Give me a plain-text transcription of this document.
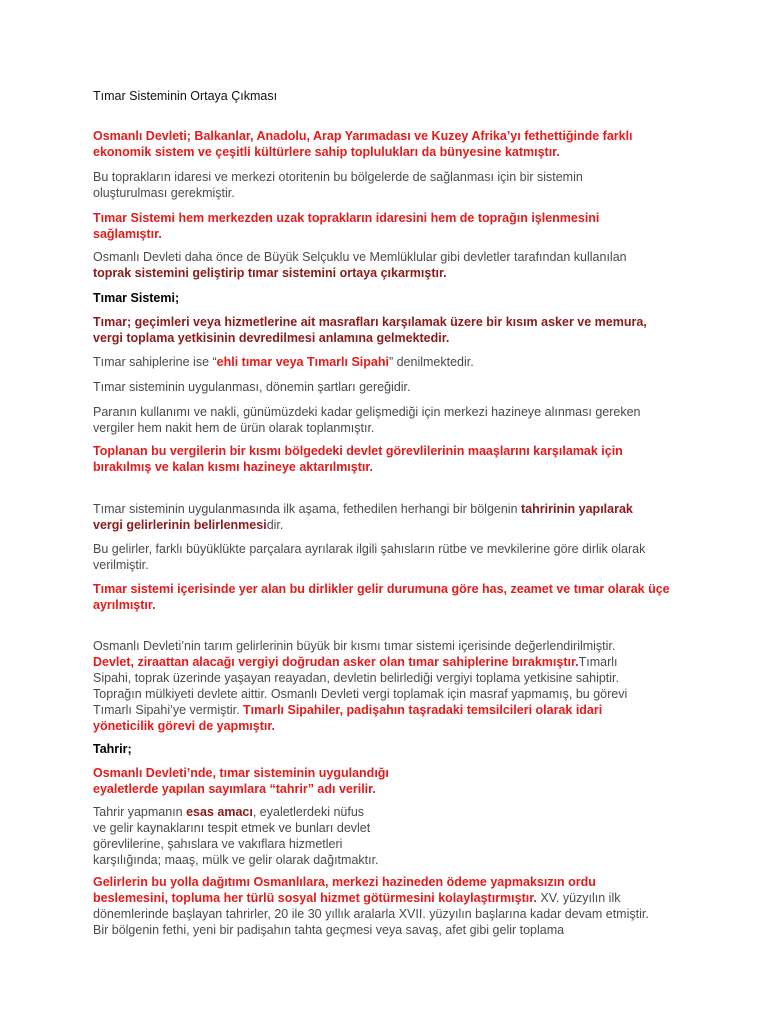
Tımar Sisteminin Ortaya Çıkması

Osmanlı Devleti; Balkanlar, Anadolu, Arap Yarımadası ve Kuzey Afrika’yı fethettiğinde farklı ekonomik sistem ve çeşitli kültürlere sahip toplulukları da bünyesine katmıştır.

Bu toprakların idaresi ve merkezi otoritenin bu bölgelerde de sağlanması için bir sistemin oluşturulması gerekmiştir.

Tımar Sistemi hem merkezden uzak toprakların idaresini hem de toprağın işlenmesini sağlamıştır.

Osmanlı Devleti daha önce de Büyük Selçuklu ve Memlüklular gibi devletler tarafından kullanılan toprak sistemini geliştirip tımar sistemini ortaya çıkarmıştır.

Tımar Sistemi;

Tımar; geçimleri veya hizmetlerine ait masrafları karşılamak üzere bir kısım asker ve memura, vergi toplama yetkisinin devredilmesi anlamına gelmektedir.

Tımar sahiplerine ise “ehli tımar veya Tımarlı Sipahi” denilmektedir.

Tımar sisteminin uygulanması, dönemin şartları gereğidir.

Paranın kullanımı ve nakli, günümüzdeki kadar gelişmediği için merkezi hazineye alınması gereken vergiler hem nakit hem de ürün olarak toplanmıştır.

Toplanan bu vergilerin bir kısmı bölgedeki devlet görevlilerinin maaşlarını karşılamak için bırakılmış ve kalan kısmı hazineye aktarılmıştır.

Tımar sisteminin uygulanmasında ilk aşama, fethedilen herhangi bir bölgenin tahririnin yapılarak vergi gelirlerinin belirlenmesidir.

Bu gelirler, farklı büyüklükte parçalara ayrılarak ilgili şahısların rütbe ve mevkilerine göre dirlik olarak verilmiştir.

Tımar sistemi içerisinde yer alan bu dirlikler gelir durumuna göre has, zeamet ve tımar olarak üçe ayrılmıştır.

Osmanlı Devleti’nin tarım gelirlerinin büyük bir kısmı tımar sistemi içerisinde değerlendirilmiştir. Devlet, ziraattan alacağı vergiyi doğrudan asker olan tımar sahiplerine bırakmıştır.Tımarlı Sipahi, toprak üzerinde yaşayan reayadan, devletin belirlediği vergiyi toplama yetkisine sahiptir. Toprağın mülkiyeti devlete aittir. Osmanlı Devleti vergi toplamak için masraf yapmamış, bu görevi Tımarlı Sipahi’ye vermiştir. Tımarlı Sipahiler, padişahın taşradaki temsilcileri olarak idari yöneticilik görevi de yapmıştır.

Tahrir;

Osmanlı Devleti’nde, tımar sisteminin uygulandığı
eyaletlerde yapılan sayımlara “tahrir” adı verilir.

Tahrir yapmanın esas amacı, eyaletlerdeki nüfus
ve gelir kaynaklarını tespit etmek ve bunları devlet
görevlilerine, şahıslara ve vakıflara hizmetleri
karşılığında; maaş, mülk ve gelir olarak dağıtmaktır.

Gelirlerin bu yolla dağıtımı Osmanlılara, merkezi hazineden ödeme yapmaksızın ordu beslemesini, topluma her türlü sosyal hizmet götürmesini kolaylaştırmıştır. XV. yüzyılın ilk dönemlerinde başlayan tahrirler, 20 ile 30 yıllık aralarla XVII. yüzyılın başlarına kadar devam etmiştir. Bir bölgenin fethi, yeni bir padişahın tahta geçmesi veya savaş, afet gibi gelir toplama
